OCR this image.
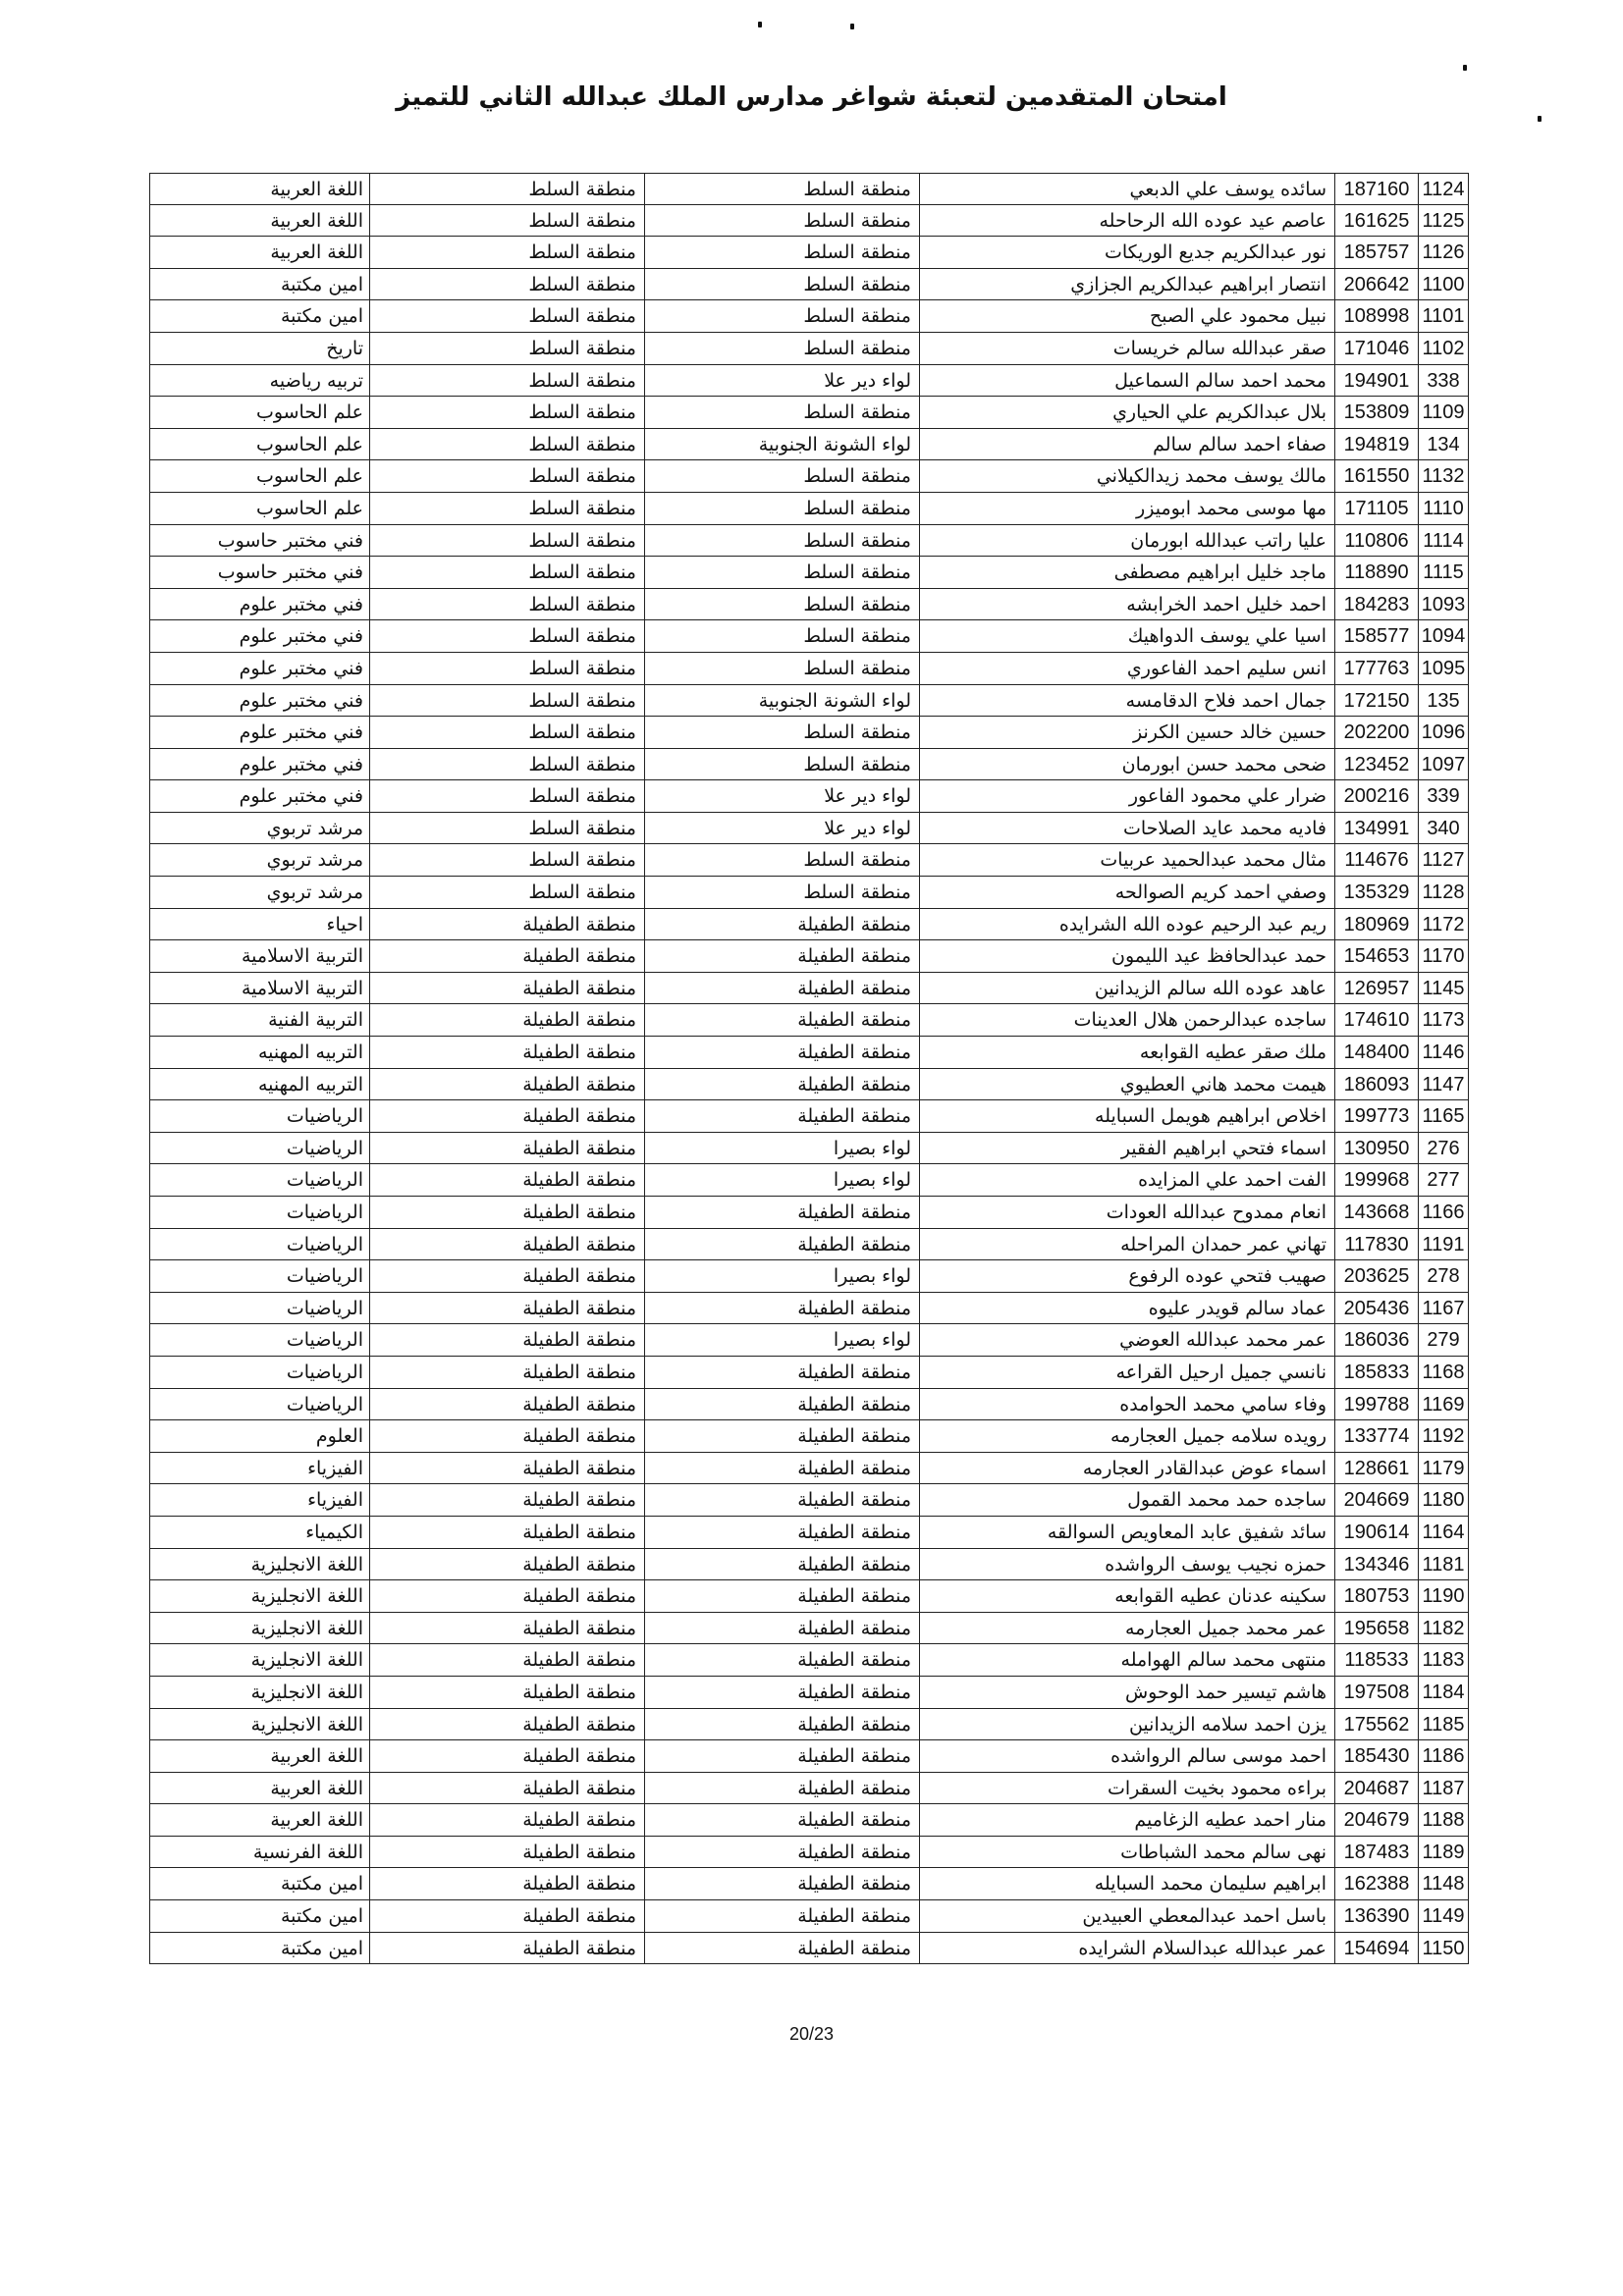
امتحان المتقدمين لتعبئة شواغر مدارس الملك عبدالله الثاني للتميز
اللغة العربية	منطقة السلط	منطقة السلط	سائده يوسف علي الدبعي 187160 1124
اللغة العربية	منطقة السلط	منطقة السلط	عاصم عيد عوده الله الرحاحله 161625 1125
اللغة العربية	منطقة السلط	منطقة السلط	نور عبدالكريم جديع الوريكات 185757 1126
امين مكتبة	منطقة السلط	منطقة السلط	انتصار ابراهيم عبدالكريم الجزازي 206642 1100
امين مكتبة	منطقة السلط	منطقة السلط	نبيل محمود علي الصبح 108998 1101
تاريخ	منطقة السلط	منطقة السلط	صقر عبدالله سالم خريسات 171046 1102
تربيه رياضيه	منطقة السلط	لواء دير علا	محمد احمد سالم السماعيل 194901 338
علم الحاسوب	منطقة السلط	منطقة السلط	بلال عبدالكريم علي الحياري 153809 1109
علم الحاسوب	منطقة السلط	لواء الشونة الجنوبية	صفاء احمد سالم سالم 194819 134
علم الحاسوب	منطقة السلط	منطقة السلط	مالك يوسف محمد زيدالكيلاني 161550 1132
علم الحاسوب	منطقة السلط	منطقة السلط	مها موسى محمد ابوميزر 171105 1110
فني مختبر حاسوب	منطقة السلط	منطقة السلط	عليا راتب عبدالله ابورمان 110806 1114
فني مختبر حاسوب	منطقة السلط	منطقة السلط	ماجد خليل ابراهيم مصطفى 118890 1115
فني مختبر علوم	منطقة السلط	منطقة السلط	احمد خليل احمد الخرابشه 184283 1093
فني مختبر علوم	منطقة السلط	منطقة السلط	اسيا علي يوسف الدواهيك 158577 1094
فني مختبر علوم	منطقة السلط	منطقة السلط	انس سليم احمد الفاعوري 177763 1095
فني مختبر علوم	منطقة السلط	لواء الشونة الجنوبية	جمال احمد فلاح الدقامسه 172150 135
فني مختبر علوم	منطقة السلط	منطقة السلط	حسين خالد حسين الكرنز 202200 1096
فني مختبر علوم	منطقة السلط	منطقة السلط	ضحى محمد حسن ابورمان 123452 1097
فني مختبر علوم	منطقة السلط	لواء دير علا	ضرار علي محمود الفاعور 200216 339
مرشد تربوي	منطقة السلط	لواء دير علا	فاديه محمد عايد الصلاحات 134991 340
مرشد تربوي	منطقة السلط	منطقة السلط	مثال محمد عبدالحميد عربيات 114676 1127
مرشد تربوي	منطقة السلط	منطقة السلط	وصفي احمد كريم الصوالحه 135329 1128
احياء	منطقة الطفيلة	منطقة الطفيلة	ريم عبد الرحيم عوده الله الشرايده 180969 1172
التربية الاسلامية	منطقة الطفيلة	منطقة الطفيلة	حمد عبدالحافظ عيد الليمون 154653 1170
التربية الاسلامية	منطقة الطفيلة	منطقة الطفيلة	عاهد عوده الله سالم الزيدانين 126957 1145
التربية الفنية	منطقة الطفيلة	منطقة الطفيلة	ساجده عبدالرحمن هلال العدينات 174610 1173
التربيه المهنيه	منطقة الطفيلة	منطقة الطفيلة	ملك صقر عطيه القوابعه 148400 1146
التربيه المهنيه	منطقة الطفيلة	منطقة الطفيلة	هيمت محمد هاني العطيوي 186093 1147
الرياضيات	منطقة الطفيلة	منطقة الطفيلة	اخلاص ابراهيم هويمل السبايله 199773 1165
الرياضيات	منطقة الطفيلة	لواء بصيرا	اسماء فتحي ابراهيم الفقير 130950 276
الرياضيات	منطقة الطفيلة	لواء بصيرا	الفت احمد علي المزايده 199968 277
الرياضيات	منطقة الطفيلة	منطقة الطفيلة	انعام ممدوح عبدالله العودات 143668 1166
الرياضيات	منطقة الطفيلة	منطقة الطفيلة	تهاني عمر حمدان المراحله 117830 1191
الرياضيات	منطقة الطفيلة	لواء بصيرا	صهيب فتحي عوده الرفوع 203625 278
الرياضيات	منطقة الطفيلة	منطقة الطفيلة	عماد سالم قويدر عليوه 205436 1167
الرياضيات	منطقة الطفيلة	لواء بصيرا	عمر محمد عبدالله العوضي 186036 279
الرياضيات	منطقة الطفيلة	منطقة الطفيلة	نانسي جميل ارحيل القراعه 185833 1168
الرياضيات	منطقة الطفيلة	منطقة الطفيلة	وفاء سامي محمد الحوامده 199788 1169
العلوم	منطقة الطفيلة	منطقة الطفيلة	رويده سلامه جميل العجارمه 133774 1192
الفيزياء	منطقة الطفيلة	منطقة الطفيلة	اسماء عوض عبدالقادر العجارمه 128661 1179
الفيزياء	منطقة الطفيلة	منطقة الطفيلة	ساجده حمد محمد القمول 204669 1180
الكيمياء	منطقة الطفيلة	منطقة الطفيلة	سائد شفيق عابد المعاويص السوالقه 190614 1164
اللغة الانجليزية	منطقة الطفيلة	منطقة الطفيلة	حمزه نجيب يوسف الرواشده 134346 1181
اللغة الانجليزية	منطقة الطفيلة	منطقة الطفيلة	سكينه عدنان عطيه القوابعه 180753 1190
اللغة الانجليزية	منطقة الطفيلة	منطقة الطفيلة	عمر محمد جميل العجارمه 195658 1182
اللغة الانجليزية	منطقة الطفيلة	منطقة الطفيلة	منتهى محمد سالم الهوامله 118533 1183
اللغة الانجليزية	منطقة الطفيلة	منطقة الطفيلة	هاشم تيسير حمد الوحوش 197508 1184
اللغة الانجليزية	منطقة الطفيلة	منطقة الطفيلة	يزن احمد سلامه الزيدانين 175562 1185
اللغة العربية	منطقة الطفيلة	منطقة الطفيلة	احمد موسى سالم الرواشده 185430 1186
اللغة العربية	منطقة الطفيلة	منطقة الطفيلة	براءه محمود بخيت السقرات 204687 1187
اللغة العربية	منطقة الطفيلة	منطقة الطفيلة	منار احمد عطيه الزغاميم 204679 1188
اللغة الفرنسية	منطقة الطفيلة	منطقة الطفيلة	نهى سالم محمد الشباطات 187483 1189
امين مكتبة	منطقة الطفيلة	منطقة الطفيلة	ابراهيم سليمان محمد السبايله 162388 1148
امين مكتبة	منطقة الطفيلة	منطقة الطفيلة	باسل احمد عبدالمعطي العبيدين 136390 1149
امين مكتبة	منطقة الطفيلة	منطقة الطفيلة	عمر عبدالله عبدالسلام الشرايده 154694 1150
20/23
